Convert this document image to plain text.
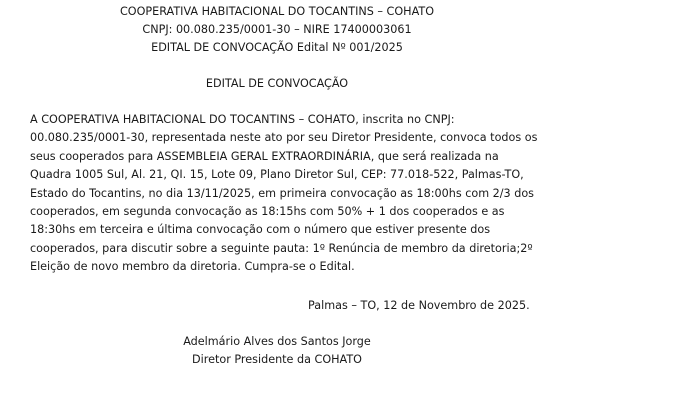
COOPERATIVA HABITACIONAL DO TOCANTINS – COHATO
CNPJ: 00.080.235/0001-30 – NIRE 17400003061
EDITAL DE CONVOCAÇÃO Edital Nº 001/2025
EDITAL DE CONVOCAÇÃO
A COOPERATIVA HABITACIONAL DO TOCANTINS – COHATO, inscrita no CNPJ:
00.080.235/0001-30, representada neste ato por seu Diretor Presidente, convoca todos os
seus cooperados para ASSEMBLEIA GERAL EXTRAORDINÁRIA, que será realizada na
Quadra 1005 Sul, Al. 21, QI. 15, Lote 09, Plano Diretor Sul, CEP: 77.018-522, Palmas-TO,
Estado do Tocantins, no dia 13/11/2025, em primeira convocação as 18:00hs com 2/3 dos
cooperados, em segunda convocação as 18:15hs com 50% + 1 dos cooperados e as
18:30hs em terceira e última convocação com o número que estiver presente dos
cooperados, para discutir sobre a seguinte pauta: 1º Renúncia de membro da diretoria;2º
Eleição de novo membro da diretoria. Cumpra-se o Edital.
Palmas – TO, 12 de Novembro de 2025.
Adelmário Alves dos Santos Jorge
Diretor Presidente da COHATO
